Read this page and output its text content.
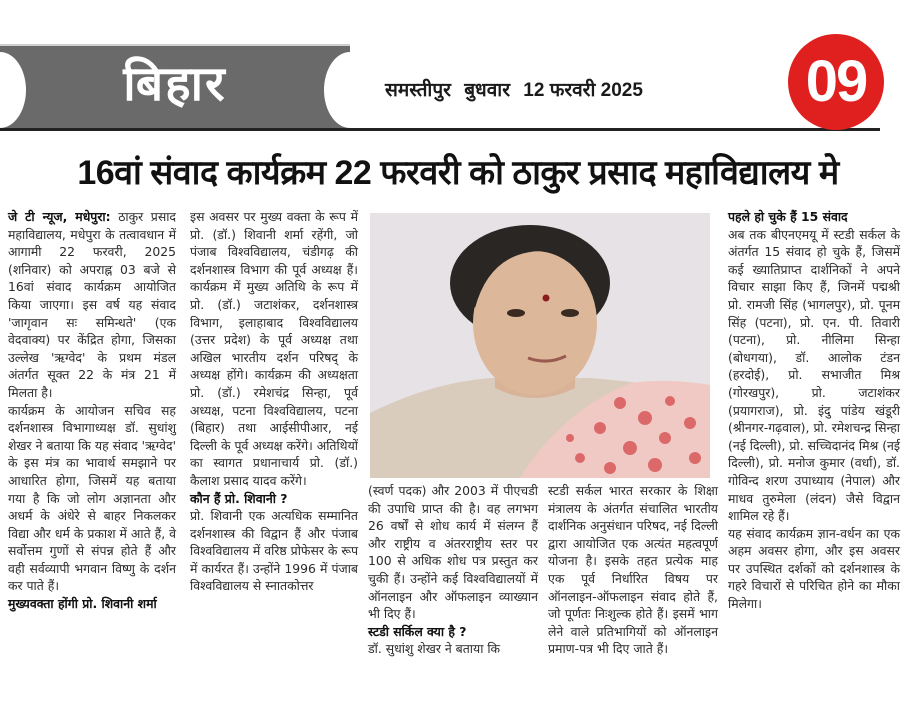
बिहार	समस्तीपुर बुधवार 12 फरवरी 2025	09
16वां संवाद कार्यक्रम 22 फरवरी को ठाकुर प्रसाद महाविद्यालय मे

जे टी न्यूज, मधेपुरा: ठाकुर प्रसाद महाविद्यालय, मधेपुरा के तत्वावधान में आगामी 22 फरवरी, 2025 (शनिवार) को अपराह्न 03 बजे से 16वां संवाद कार्यक्रम आयोजित किया जाएगा। इस वर्ष यह संवाद 'जागृवान सः समिन्धते' (एक वेदवाक्य) पर केंद्रित होगा, जिसका उल्लेख 'ऋग्वेद' के प्रथम मंडल अंतर्गत सूक्त 22 के मंत्र 21 में मिलता है।

कार्यक्रम के आयोजन सचिव सह दर्शनशास्त्र विभागाध्यक्ष डॉ. सुधांशु शेखर ने बताया कि यह संवाद 'ऋग्वेद' के इस मंत्र का भावार्थ समझाने पर आधारित होगा, जिसमें यह बताया गया है कि जो लोग अज्ञानता और अधर्म के अंधेरे से बाहर निकलकर विद्या और धर्म के प्रकाश में आते हैं, वे सर्वोत्तम गुणों से संपन्न होते हैं और वही सर्वव्यापी भगवान विष्णु के दर्शन कर पाते हैं।

मुख्यवक्ता होंगी प्रो. शिवानी शर्मा

इस अवसर पर मुख्य वक्ता के रूप में प्रो. (डॉ.) शिवानी शर्मा रहेंगी, जो पंजाब विश्वविद्यालय, चंडीगढ़ की दर्शनशास्त्र विभाग की पूर्व अध्यक्ष हैं। कार्यक्रम में मुख्य अतिथि के रूप में प्रो. (डॉ.) जटाशंकर, दर्शनशास्त्र विभाग, इलाहाबाद विश्वविद्यालय (उत्तर प्रदेश) के पूर्व अध्यक्ष तथा अखिल भारतीय दर्शन परिषद् के अध्यक्ष होंगे। कार्यक्रम की अध्यक्षता प्रो. (डॉ.) रमेशचंद्र सिन्हा, पूर्व अध्यक्ष, पटना विश्वविद्यालय, पटना (बिहार) तथा आईसीपीआर, नई दिल्ली के पूर्व अध्यक्ष करेंगे। अतिथियों का स्वागत प्रधानाचार्य प्रो. (डॉ.) कैलाश प्रसाद यादव करेंगे।

कौन हैं प्रो. शिवानी ?

प्रो. शिवानी एक अत्यधिक सम्मानित दर्शनशास्त्र की विद्वान हैं और पंजाब विश्वविद्यालय में वरिष्ठ प्रोफेसर के रूप में कार्यरत हैं। उन्होंने 1996 में पंजाब विश्वविद्यालय से स्नातकोत्तर

(स्वर्ण पदक) और 2003 में पीएचडी की उपाधि प्राप्त की है। वह लगभग 26 वर्षों से शोध कार्य में संलग्न हैं और राष्ट्रीय व अंतरराष्ट्रीय स्तर पर 100 से अधिक शोध पत्र प्रस्तुत कर चुकी हैं। उन्होंने कई विश्वविद्यालयों में ऑनलाइन और ऑफलाइन व्याख्यान भी दिए हैं।

स्टडी सर्किल क्या है ?

डॉ. सुधांशु शेखर ने बताया कि

स्टडी सर्कल भारत सरकार के शिक्षा मंत्रालय के अंतर्गत संचालित भारतीय दार्शनिक अनुसंधान परिषद, नई दिल्ली द्वारा आयोजित एक अत्यंत महत्वपूर्ण योजना है। इसके तहत प्रत्येक माह एक पूर्व निर्धारित विषय पर ऑनलाइन-ऑफलाइन संवाद होते हैं, जो पूर्णतः निःशुल्क होते हैं। इसमें भाग लेने वाले प्रतिभागियों को ऑनलाइन प्रमाण-पत्र भी दिए जाते हैं।

पहले हो चुके हैं 15 संवाद

अब तक बीएनएमयू में स्टडी सर्कल के अंतर्गत 15 संवाद हो चुके हैं, जिसमें कई ख्यातिप्राप्त दार्शनिकों ने अपने विचार साझा किए हैं, जिनमें पद्मश्री प्रो. रामजी सिंह (भागलपुर), प्रो. पूनम सिंह (पटना), प्रो. एन. पी. तिवारी (पटना), प्रो. नीलिमा सिन्हा (बोधगया), डॉ. आलोक टंडन (हरदोई), प्रो. सभाजीत मिश्र (गोरखपुर), प्रो. जटाशंकर (प्रयागराज), प्रो. इंदु पांडेय खंडूरी (श्रीनगर-गढ़वाल), प्रो. रमेशचन्द्र सिन्हा (नई दिल्ली), प्रो. सच्चिदानंद मिश्र (नई दिल्ली), प्रो. मनोज कुमार (वर्धा), डॉ. गोविन्द शरण उपाध्याय (नेपाल) और माधव तुरुमेला (लंदन) जैसे विद्वान शामिल रहे हैं।

यह संवाद कार्यक्रम ज्ञान-वर्धन का एक अहम अवसर होगा, और इस अवसर पर उपस्थित दर्शकों को दर्शनशास्त्र के गहरे विचारों से परिचित होने का मौका मिलेगा।
